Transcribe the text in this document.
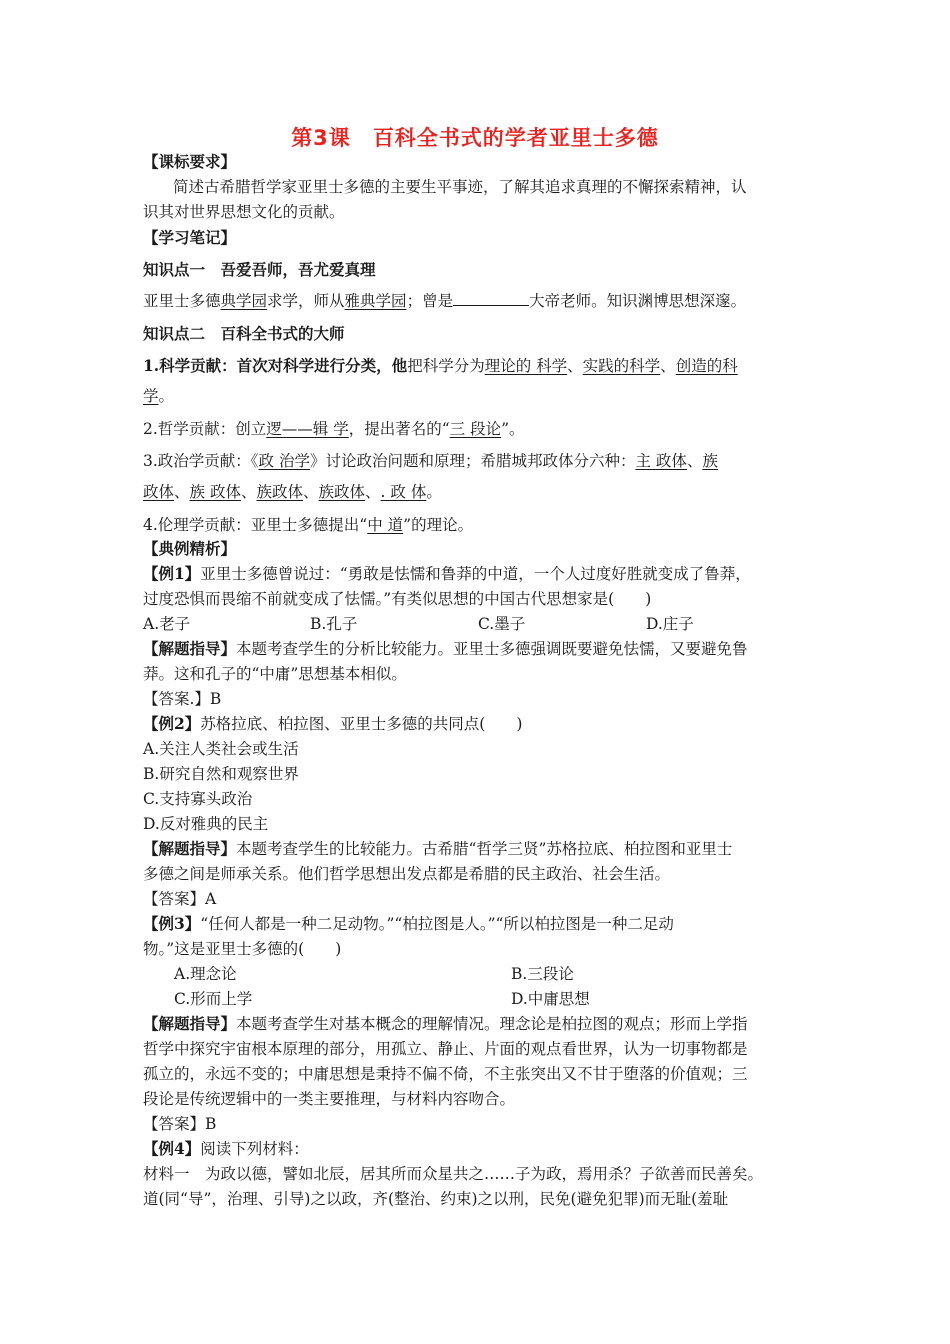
第3课 百科全书式的学者亚里士多德
【课标要求】
简述古希腊哲学家亚里士多德的主要生平事迹，了解其追求真理的不懈探索精神，认
识其对世界思想文化的贡献。
【学习笔记】
知识点一　吾爱吾师，吾尤爱真理
亚里士多德典学园求学，师从雅典学园；曾是	大帝老师。知识渊博思想深邃。
知识点二　百科全书式的大师
1.科学贡献：首次对科学进行分类，他把科学分为理论的 科学、实践的科学、创造的科
学。
2.哲学贡献：创立逻——辑 学，提出著名的“三 段论”。
3.政治学贡献：《政 治学》讨论政治问题和原理；希腊城邦政体分六种：主 政体、族
政体、族 政体、族政体、族政体、. 政 体。
4.伦理学贡献：亚里士多德提出“中 道”的理论。
【典例精析】
【例1】亚里士多德曾说过：“勇敢是怯懦和鲁莽的中道，一个人过度好胜就变成了鲁莽，
过度恐惧而畏缩不前就变成了怯懦。”有类似思想的中国古代思想家是(　　)
A.老子	B.孔子	C.墨子	D.庄子
【解题指导】本题考查学生的分析比较能力。亚里士多德强调既要避免怯懦，又要避免鲁
莽。这和孔子的“中庸”思想基本相似。
【答案.】B
【例2】苏格拉底、柏拉图、亚里士多德的共同点(　　)
A.关注人类社会或生活
B.研究自然和观察世界
C.支持寡头政治
D.反对雅典的民主
【解题指导】本题考查学生的比较能力。古希腊“哲学三贤”苏格拉底、柏拉图和亚里士
多德之间是师承关系。他们哲学思想出发点都是希腊的民主政治、社会生活。
【答案】A
【例3】“任何人都是一种二足动物。”“柏拉图是人。”“所以柏拉图是一种二足动
物。”这是亚里士多德的(　　)
A.理念论	B.三段论
C.形而上学	D.中庸思想
【解题指导】本题考查学生对基本概念的理解情况。理念论是柏拉图的观点；形而上学指
哲学中探究宇宙根本原理的部分，用孤立、静止、片面的观点看世界，认为一切事物都是
孤立的，永远不变的；中庸思想是秉持不偏不倚，不主张突出又不甘于堕落的价值观；三
段论是传统逻辑中的一类主要推理，与材料内容吻合。
【答案】B
【例4】阅读下列材料：
材料一　为政以德，譬如北辰，居其所而众星共之……子为政，焉用杀？子欲善而民善矣。
道(同“导”，治理、引导)之以政，齐(整治、约束)之以刑，民免(避免犯罪)而无耻(羞耻
